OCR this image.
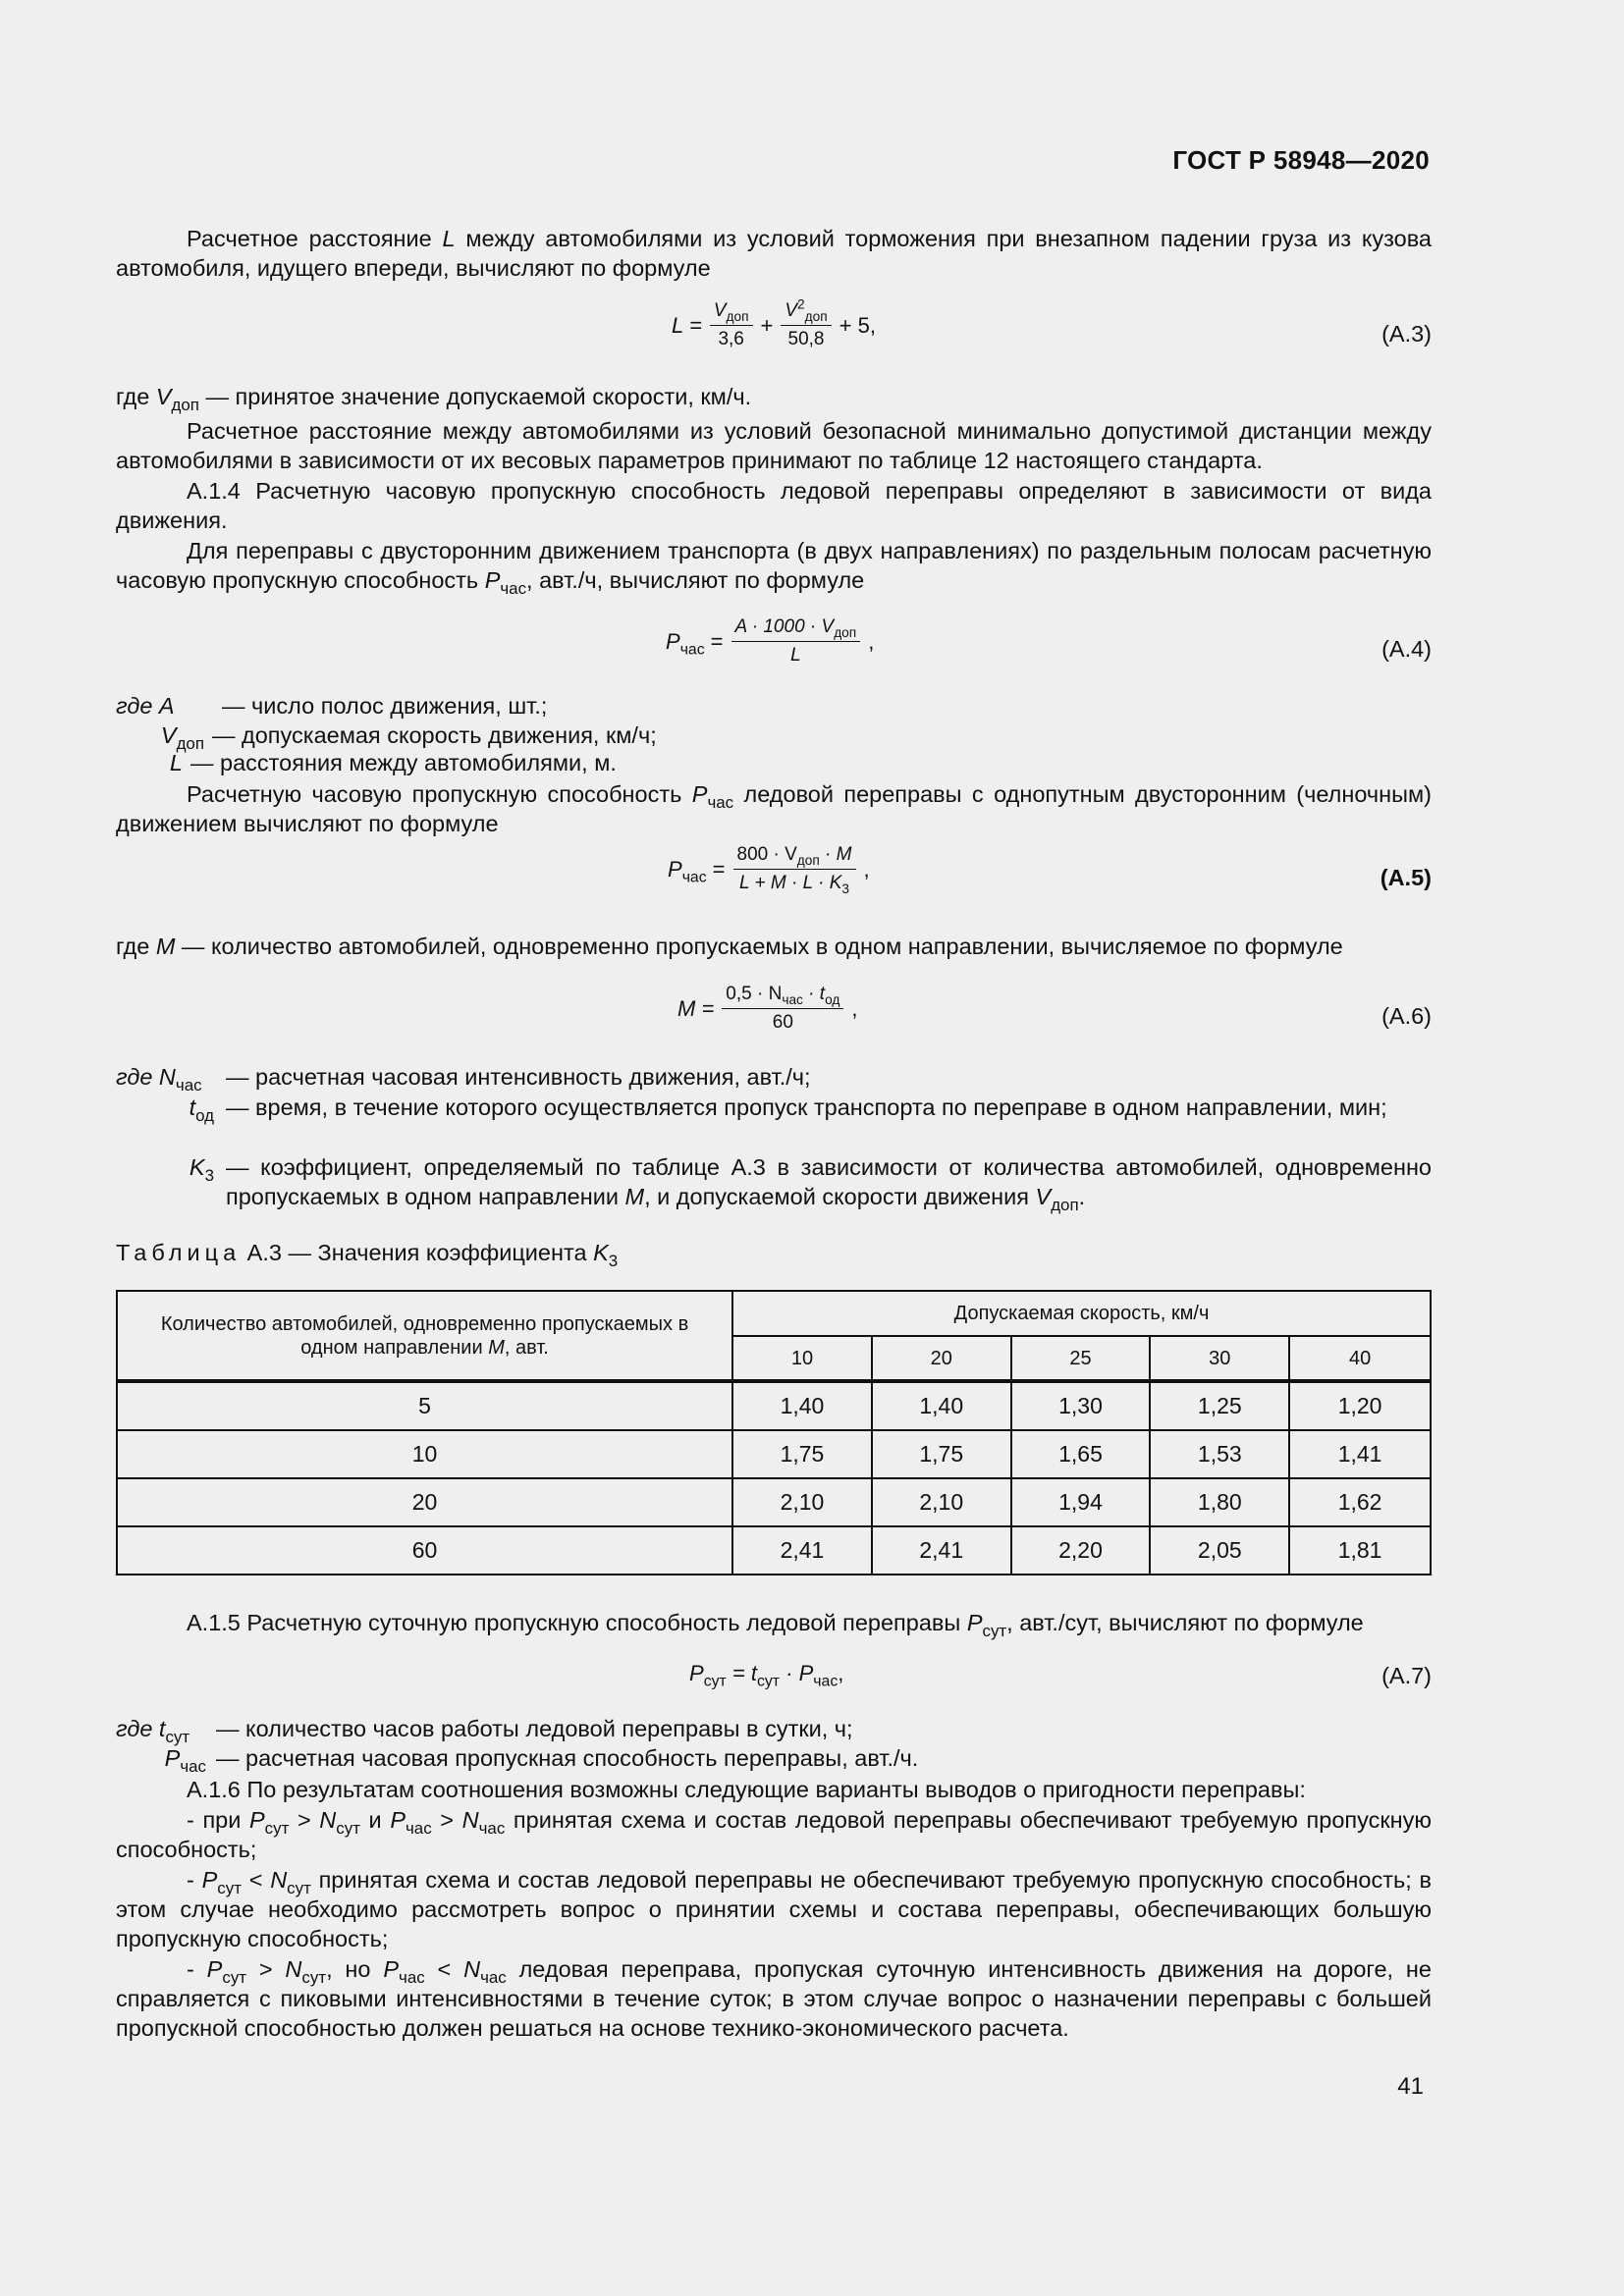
ГОСТ Р 58948—2020

Расчетное расстояние L между автомобилями из условий торможения при внезапном падении груза из кузова автомобиля, идущего впереди, вычисляют по формуле

$L = \frac{V_{доп}}{3,6} + \frac{V^2_{доп}}{50,8} + 5$,	(А.3)

где $V_{доп}$ — принятое значение допускаемой скорости, км/ч.

Расчетное расстояние между автомобилями из условий безопасной минимально допустимой дистанции между автомобилями в зависимости от их весовых параметров принимают по таблице 12 настоящего стандарта.

А.1.4 Расчетную часовую пропускную способность ледовой переправы определяют в зависимости от вида движения.

Для переправы с двусторонним движением транспорта (в двух направлениях) по раздельным полосам расчетную часовую пропускную способность $P_{час}$, авт./ч, вычисляют по формуле

$P_{час} = \frac{A \cdot 1000 \cdot V_{доп}}{L}$ ,	(А.4)
где A	— число полос движения, шт.;
$V_{доп}$ — допускаемая скорость движения, км/ч;
L — расстояния между автомобилями, м.

Расчетную часовую пропускную способность $P_{час}$ ледовой переправы с однопутным двусторонним (челночным) движением вычисляют по формуле

$P_{час} = \frac{800 \cdot V_{доп} \cdot M}{L + M \cdot L \cdot K_3}$ ,	(А.5)

где M — количество автомобилей, одновременно пропускаемых в одном направлении, вычисляемое по формуле

$M = \frac{0,5 \cdot N_{час} \cdot t_{од}}{60}$ ,	(А.6)
где $N_{час}$	— расчетная часовая интенсивность движения, авт./ч;
$t_{од}$ — время, в течение которого осуществляется пропуск транспорта по переправе в одном направлении, мин;
$K_3$ — коэффициент, определяемый по таблице А.3 в зависимости от количества автомобилей, одновременно пропускаемых в одном направлении M, и допускаемой скорости движения $V_{доп}$.
Таблица А.3 — Значения коэффициента $K_3$
Количество автомобилей, одновременно пропускаемых в одном направлении M, авт.	Допускаемая скорость, км/ч				
	10	20	25	30	40
5	1,40	1,40	1,30	1,25	1,20
10	1,75	1,75	1,65	1,53	1,41
20	2,10	2,10	1,94	1,80	1,62
60	2,41	2,41	2,20	2,05	1,81

А.1.5 Расчетную суточную пропускную способность ледовой переправы $P_{сут}$, авт./сут, вычисляют по формуле

$P_{сут} = t_{сут} \cdot P_{час}$,	(А.7)
где $t_{сут}$	— количество часов работы ледовой переправы в сутки, ч;
$P_{час}$ — расчетная часовая пропускная способность переправы, авт./ч.

А.1.6 По результатам соотношения возможны следующие варианты выводов о пригодности переправы:

- при $P_{сут} > N_{сут}$ и $P_{час} > N_{час}$ принятая схема и состав ледовой переправы обеспечивают требуемую пропускную способность;

- $P_{сут} < N_{сут}$ принятая схема и состав ледовой переправы не обеспечивают требуемую пропускную способность; в этом случае необходимо рассмотреть вопрос о принятии схемы и состава переправы, обеспечивающих большую пропускную способность;

- $P_{сут} > N_{сут}$, но $P_{час} < N_{час}$ ледовая переправа, пропуская суточную интенсивность движения на дороге, не справляется с пиковыми интенсивностями в течение суток; в этом случае вопрос о назначении переправы с большей пропускной способностью должен решаться на основе технико-экономического расчета.

41
